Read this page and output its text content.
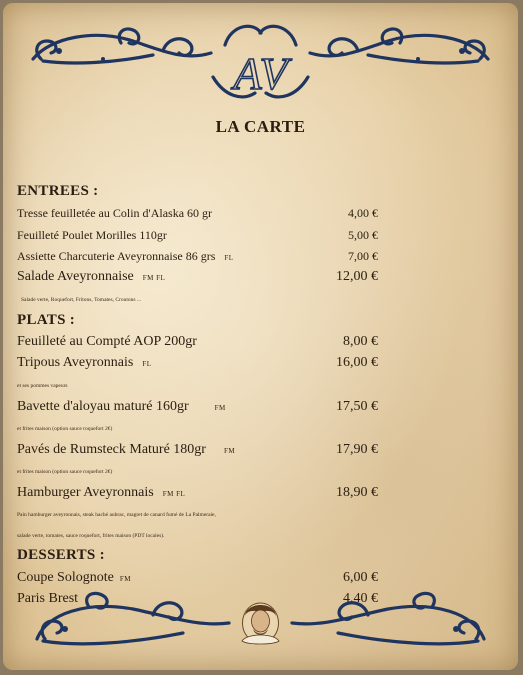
AV
LA CARTE
ENTREES :
Tresse feuilletée au Colin d'Alaska 60 gr	4,00 €
Feuilleté Poulet Morilles 110gr	5,00 €
Assiette Charcuterie Aveyronnaise 86 grs FL	7,00 €
Salade Aveyronnaise FM FL	12,00 €
Salade verte, Roquefort, Fritons, Tomates, Croutons ...
PLATS :
Feuilleté au Compté AOP 200gr	8,00 €
Tripous Aveyronnais FL	16,00 €
et ses pommes vapeurs
Bavette d'aloyau maturé 160gr	FM	17,50 €
et frites maison (option sauce roquefort 2€)
Pavés de Rumsteck Maturé 180gr	FM	17,90 €
et frites maison (option sauce roquefort 2€)
Hamburger Aveyronnais FM FL	18,90 €
Pain hamburger aveyronnais, steak haché aubrac, magret de canard fumé de La Palmeraie,
salade verte, tomates, sauce roquefort, frites maison (PDT locales).
DESSERTS :
Coupe Solognote FM	6,00 €
Paris Brest	4,40 €
